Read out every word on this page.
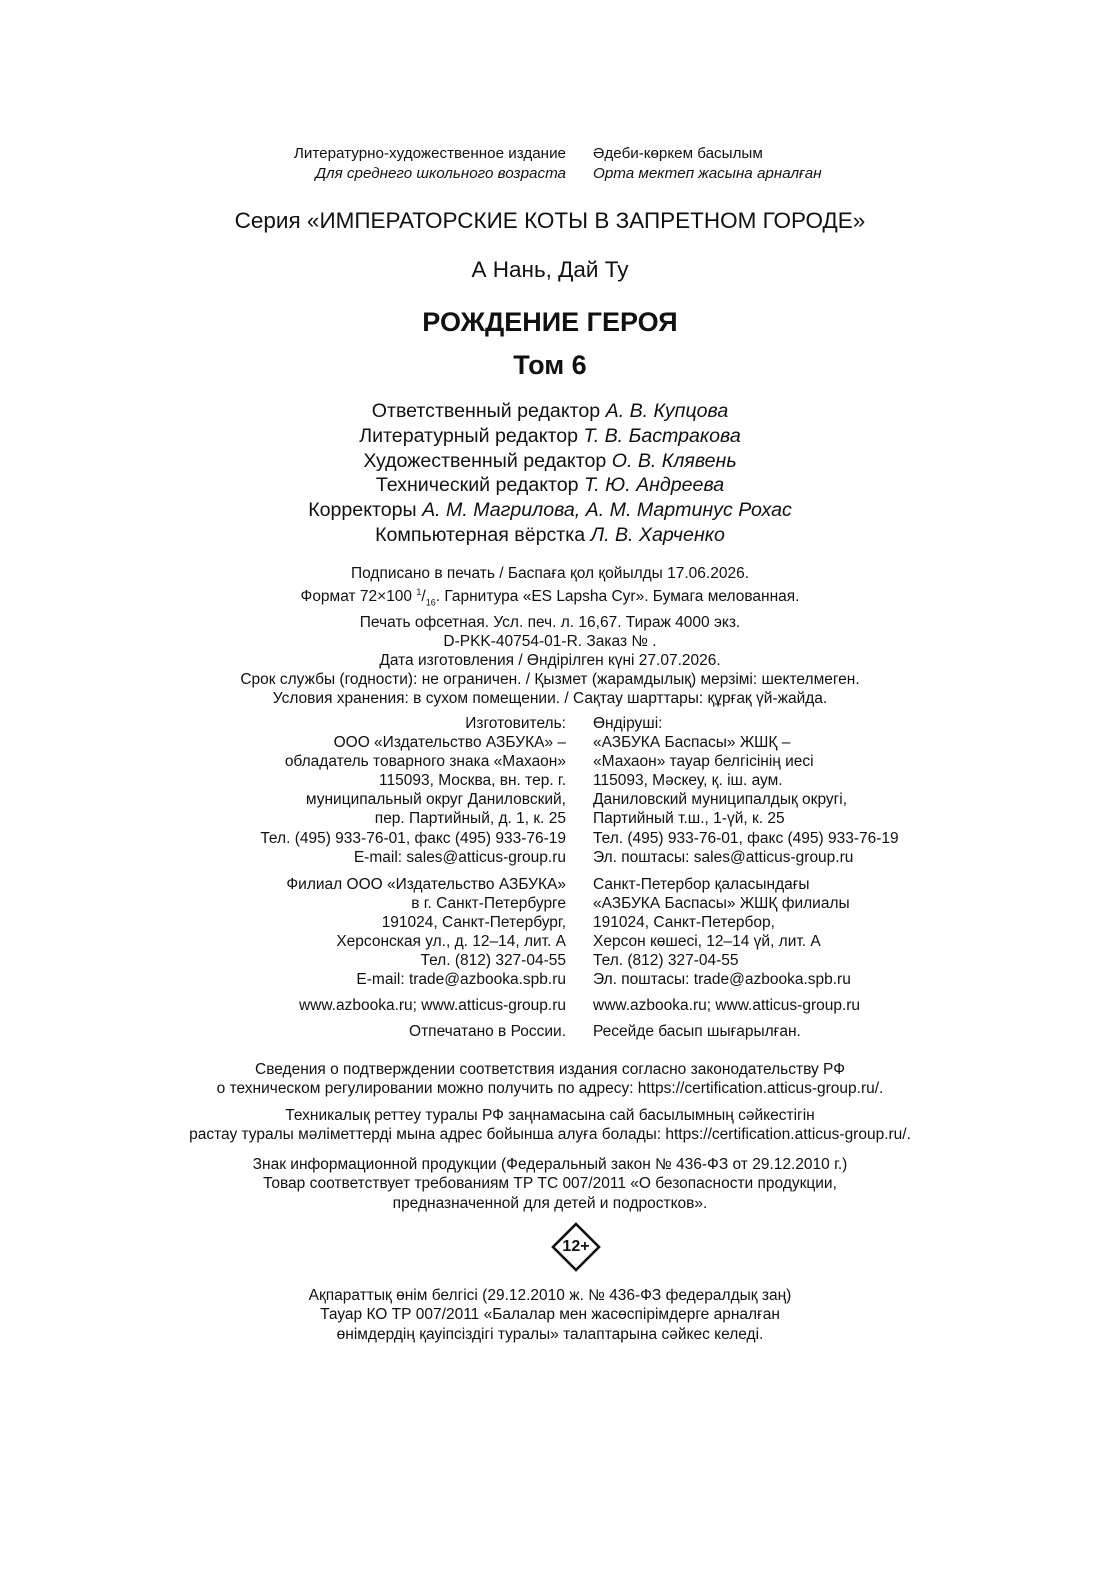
Литературно-художественное издание
Для среднего школьного возраста
Әдеби-көркем басылым
Орта мектеп жасына арналған
Серия «ИМПЕРАТОРСКИЕ КОТЫ В ЗАПРЕТНОМ ГОРОДЕ»
А Нань, Дай Ту
РОЖДЕНИЕ ГЕРОЯ
Том 6
Ответственный редактор А. В. Купцова
Литературный редактор Т. В. Бастракова
Художественный редактор О. В. Клявень
Технический редактор Т. Ю. Андреева
Корректоры А. М. Магрилова, А. М. Мартинус Рохас
Компьютерная вёрстка Л. В. Харченко
Подписано в печать / Баспаға қол қойылды 17.06.2026.
Формат 72×100 $^1/_{16}$. Гарнитура «ES Lapsha Cyr». Бумага мелованная.
Печать офсетная. Усл. печ. л. 16,67. Тираж 4000 экз.
D-PKK-40754-01-R. Заказ № .
Дата изготовления / Өндірілген күні 27.07.2026.
Срок службы (годности): не ограничен. / Қызмет (жарамдылық) мерзімі: шектелмеген.
Условия хранения: в сухом помещении. / Сақтау шарттары: құрғақ үй-жайда.
Изготовитель:
ООО «Издательство АЗБУКА» –
обладатель товарного знака «Махаон»
115093, Москва, вн. тер. г.
муниципальный округ Даниловский,
пер. Партийный, д. 1, к. 25
Тел. (495) 933-76-01, факс (495) 933-76-19
E-mail: sales@atticus-group.ru
Өндіруші:
«АЗБУКА Баспасы» ЖШҚ –
«Махаон» тауар белгісінің иесі
115093, Мәскеу, қ. іш. аум.
Даниловский муниципалдық округі,
Партийный т.ш., 1-үй, к. 25
Тел. (495) 933-76-01, факс (495) 933-76-19
Эл. поштасы: sales@atticus-group.ru
Филиал ООО «Издательство АЗБУКА»
в г. Санкт-Петербурге
191024, Санкт-Петербург,
Херсонская ул., д. 12–14, лит. А
Тел. (812) 327-04-55
E-mail: trade@azbooka.spb.ru
Санкт-Петербор қаласындағы
«АЗБУКА Баспасы» ЖШҚ филиалы
191024, Санкт-Петербор,
Херсон көшесі, 12–14 үй, лит. А
Тел. (812) 327-04-55
Эл. поштасы: trade@azbooka.spb.ru
www.azbooka.ru; www.atticus-group.ru www.azbooka.ru; www.atticus-group.ru
Отпечатано в России. Ресейде басып шығарылған.
Сведения о подтверждении соответствия издания согласно законодательству РФ
о техническом регулировании можно получить по адресу: https://certification.atticus-group.ru/.
Техникалық реттеу туралы РФ заңнамасына сай басылымның сәйкестігін
растау туралы мәліметтерді мына адрес бойынша алуға болады: https://certification.atticus-group.ru/.
Знак информационной продукции (Федеральный закон № 436-ФЗ от 29.12.2010 г.)
Товар соответствует требованиям ТР ТС 007/2011 «О безопасности продукции,
предназначенной для детей и подростков».
12+
Ақпараттық өнім белгісі (29.12.2010 ж. № 436-ФЗ федералдық заң)
Тауар КО ТР 007/2011 «Балалар мен жасөспірімдерге арналған
өнімдердің қауіпсіздігі туралы» талаптарына сәйкес келеді.
